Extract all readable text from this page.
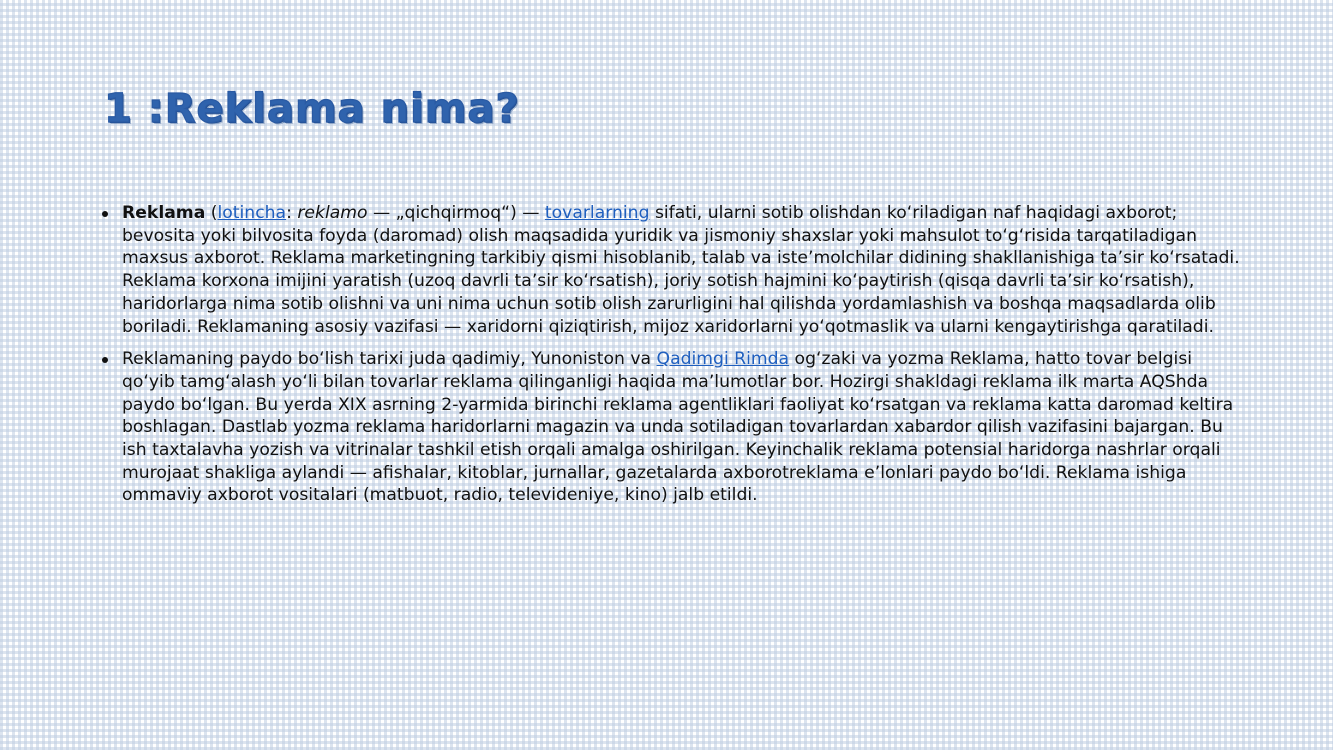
1 :Reklama nima?
Reklama (lotincha: reklamo — „qichqirmoq“) — tovarlarning sifati, ularni sotib olishdan koʻriladigan naf haqidagi axborot; bevosita yoki bilvosita foyda (daromad) olish maqsadida yuridik va jismoniy shaxslar yoki mahsulot toʻgʻrisida tarqatiladigan maxsus axborot. Reklama marketingning tarkibiy qismi hisoblanib, talab va isteʼmolchilar didining shakllanishiga taʼsir koʻrsatadi. Reklama korxona imijini yaratish (uzoq davrli taʼsir koʻrsatish), joriy sotish hajmini koʻpaytirish (qisqa davrli taʼsir koʻrsatish), haridorlarga nima sotib olishni va uni nima uchun sotib olish zarurligini hal qilishda yordamlashish va boshqa maqsadlarda olib boriladi. Reklamaning asosiy vazifasi — xaridorni qiziqtirish, mijoz xaridorlarni yoʻqotmaslik va ularni kengaytirishga qaratiladi.
Reklamaning paydo boʻlish tarixi juda qadimiy, Yunoniston va Qadimgi Rimda ogʻzaki va yozma Reklama, hatto tovar belgisi qoʻyib tamgʻalash yoʻli bilan tovarlar reklama qilinganligi haqida maʼlumotlar bor. Hozirgi shakldagi reklama ilk marta AQShda paydo boʻlgan. Bu yerda XIX asrning 2-yarmida birinchi reklama agentliklari faoliyat koʻrsatgan va reklama katta daromad keltira boshlagan. Dastlab yozma reklama haridorlarni magazin va unda sotiladigan tovarlardan xabardor qilish vazifasini bajargan. Bu ish taxtalavha yozish va vitrinalar tashkil etish orqali amalga oshirilgan. Keyinchalik reklama potensial haridorga nashrlar orqali murojaat shakliga aylandi — afishalar, kitoblar, jurnallar, gazetalarda axborotreklama eʼlonlari paydo boʻldi. Reklama ishiga ommaviy axborot vositalari (matbuot, radio, televideniye, kino) jalb etildi.
